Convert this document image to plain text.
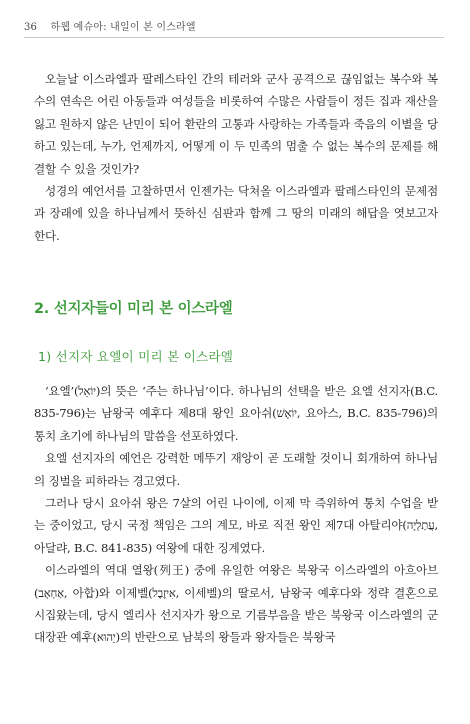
36 하웹 예슈아: 내일이 본 이스라엘

오늘날 이스라엘과 팔레스타인 간의 테러와 군사 공격으로 끊임없는 복수와 복수의 연속은 어린 아동들과 여성들을 비롯하여 수많은 사람들이 정든 집과 재산을 잃고 원하지 않은 난민이 되어 환란의 고통과 사랑하는 가족들과 죽음의 이별을 당하고 있는데, 누가, 언제까지, 어떻게 이 두 민족의 멈출 수 없는 복수의 문제를 해결할 수 있을 것인가?

성경의 예언서를 고찰하면서 인젠가는 닥쳐올 이스라엘과 팔레스타인의 문제점과 장래에 있을 하나님께서 뜻하신 심판과 함께 그 땅의 미래의 해답을 엿보고자 한다.

2. 선지자들이 미리 본 이스라엘
1) 선지자 요엘이 미리 본 이스라엘

‘요엘’(יוֹאֵל)의 뜻은 ‘주는 하나님’이다. 하나님의 선택을 받은 요엘 선지자(B.C. 835-796)는 남왕국 예후다 제8대 왕인 요아쉬(יוֹאָשׁ, 요아스, B.C. 835-796)의 통치 초기에 하나님의 말씀을 선포하였다.

요엘 선지자의 예언은 강력한 메뚜기 재앙이 곧 도래할 것이니 회개하여 하나님의 징벌을 피하라는 경고였다.

그러나 당시 요아쉬 왕은 7살의 어린 나이에, 이제 막 즉위하여 통치 수업을 받는 중이었고, 당시 국정 책임은 그의 계모, 바로 직전 왕인 제7대 아탈리야(עֲתַלְיָה, 아달랴, B.C. 841-835) 여왕에 대한 징계였다.

이스라엘의 역대 열왕(列王) 중에 유일한 여왕은 북왕국 이스라엘의 아흐아브(אַחְאָב, 아합)와 이제벨(אִיזֶבֶל, 이세벨)의 딸로서, 남왕국 예후다와 정략 결혼으로 시집왔는데, 당시 엘리사 선지자가 왕으로 기름부음을 받은 북왕국 이스라엘의 군대장관 예후(יֵהוּא)의 반란으로 남북의 왕들과 왕자들은 북왕국
